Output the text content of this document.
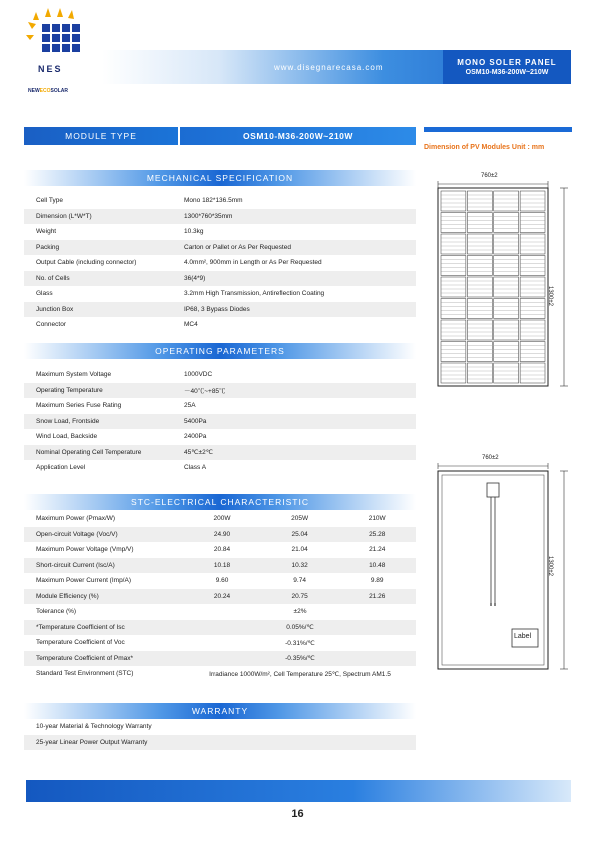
NES
NEWECOSOLAR
www.disegnarecasa.com
MONO SOLER PANEL
OSM10-M36-200W~210W
MODULE TYPE	OSM10-M36-200W~210W
Dimension of PV Modules Unit : mm
MECHANICAL SPECIFICATION
Cell Type	Mono 182*136.5mm
Dimension (L*W*T)	1300*760*35mm
Weight	10.3kg
Packing	Carton or Pallet or As Per Requested
Output Cable (including connector)	4.0mm², 900mm in Length or As Per Requested
No. of Cells	36(4*9)
Glass	3.2mm High Transmission, Antireflection Coating
Junction Box	IP68, 3 Bypass Diodes
Connector	MC4
OPERATING PARAMETERS
Maximum System Voltage	1000VDC
Operating Temperature	－40℃~+85℃
Maximum Series Fuse Rating	25A
Snow Load, Frontside	5400Pa
Wind Load, Backside	2400Pa
Nominal Operating Cell Temperature	45℃±2℃
Application Level	Class A
STC-ELECTRICAL CHARACTERISTIC
Maximum Power (Pmax/W)	200W	205W	210W
Open-circuit Voltage (Voc/V)	24.90	25.04	25.28
Maximum Power Voltage (Vmp/V)	20.84	21.04	21.24
Short-circuit Current (Isc/A)	10.18	10.32	10.48
Maximum Power Current (Imp/A)	9.60	9.74	9.89
Module Efficiency (%)	20.24	20.75	21.26
Tolerance (%)	±2%
*Temperature Coefficient of Isc	0.05%/℃
Temperature Coefficient of Voc	-0.31%/℃
Temperature Coefficient of Pmax*	-0.35%/℃
Standard Test Environment (STC)	Irradiance 1000W/m², Cell Temperature 25℃, Spectrum AM1.5
WARRANTY
10-year Material & Technology Warranty
25-year Linear Power Output Warranty
760±2
1300±2
760±2
Label
1300±2
16
